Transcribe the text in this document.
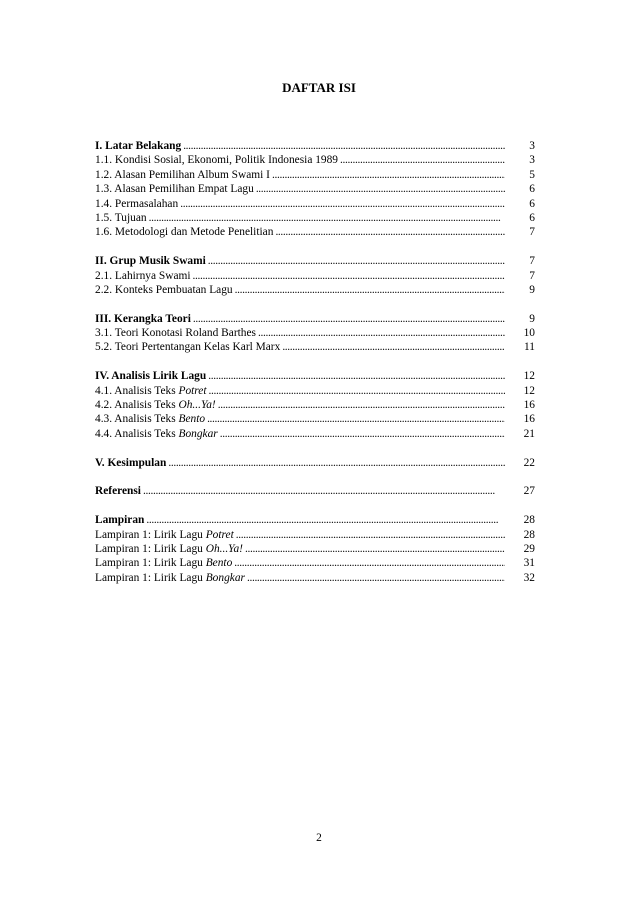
DAFTAR ISI
I. Latar Belakang . . .	3
1.1. Kondisi Sosial, Ekonomi, Politik Indonesia 1989 . . .	3
1.2. Alasan Pemilihan Album Swami I . . .	5
1.3. Alasan Pemilihan Empat Lagu . . .	6
1.4. Permasalahan . . .	6
1.5. Tujuan . . .	6
1.6. Metodologi dan Metode Penelitian . . .	7
II. Grup Musik Swami . . .	7
2.1. Lahirnya Swami . . .	7
2.2. Konteks Pembuatan Lagu . . .	9
III. Kerangka Teori . . .	9
3.1. Teori Konotasi Roland Barthes . . .	10
5.2. Teori Pertentangan Kelas Karl Marx . . .	11
IV. Analisis Lirik Lagu . . .	12
4.1. Analisis Teks Potret . . .	12
4.2. Analisis Teks Oh...Ya! . . .	16
4.3. Analisis Teks Bento . . .	16
4.4. Analisis Teks Bongkar . . .	21
V. Kesimpulan . . .	22
Referensi . . .	27
Lampiran . . .	28
Lampiran 1: Lirik Lagu Potret . . .	28
Lampiran 1: Lirik Lagu Oh...Ya! . . .	29
Lampiran 1: Lirik Lagu Bento . . .	31
Lampiran 1: Lirik Lagu Bongkar . . .	32
2
